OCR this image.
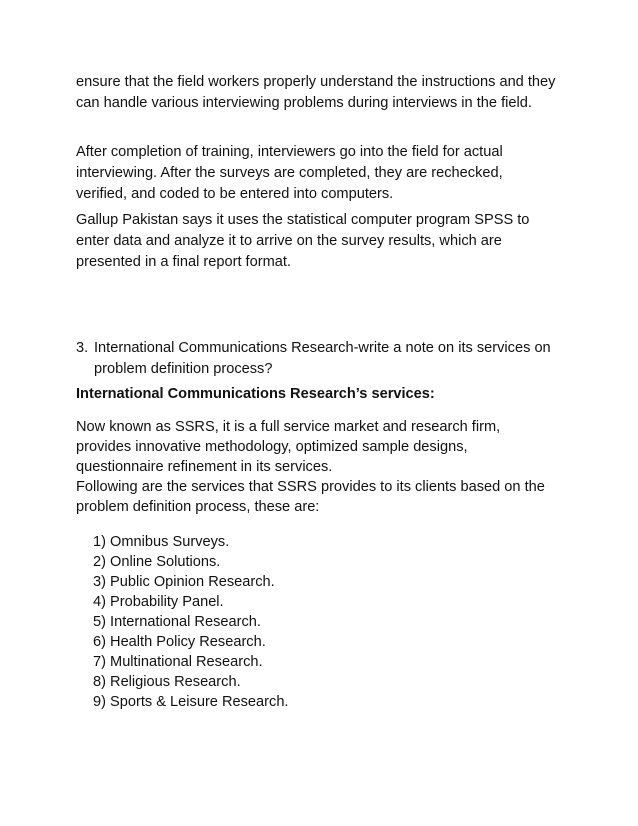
ensure that the field workers properly understand the instructions and they can handle various interviewing problems during interviews in the field.

After completion of training, interviewers go into the field for actual interviewing. After the surveys are completed, they are rechecked, verified, and coded to be entered into computers.

Gallup Pakistan says it uses the statistical computer program SPSS to enter data and analyze it to arrive on the survey results, which are presented in a final report format.

3. International Communications Research-write a note on its services on problem definition process?

International Communications Research’s services:

Now known as SSRS, it is a full service market and research firm, provides innovative methodology, optimized sample designs, questionnaire refinement in its services.
Following are the services that SSRS provides to its clients based on the problem definition process, these are:
1) Omnibus Surveys.
2) Online Solutions.
3) Public Opinion Research.
4) Probability Panel.
5) International Research.
6) Health Policy Research.
7) Multinational Research.
8) Religious Research.
9) Sports & Leisure Research.
